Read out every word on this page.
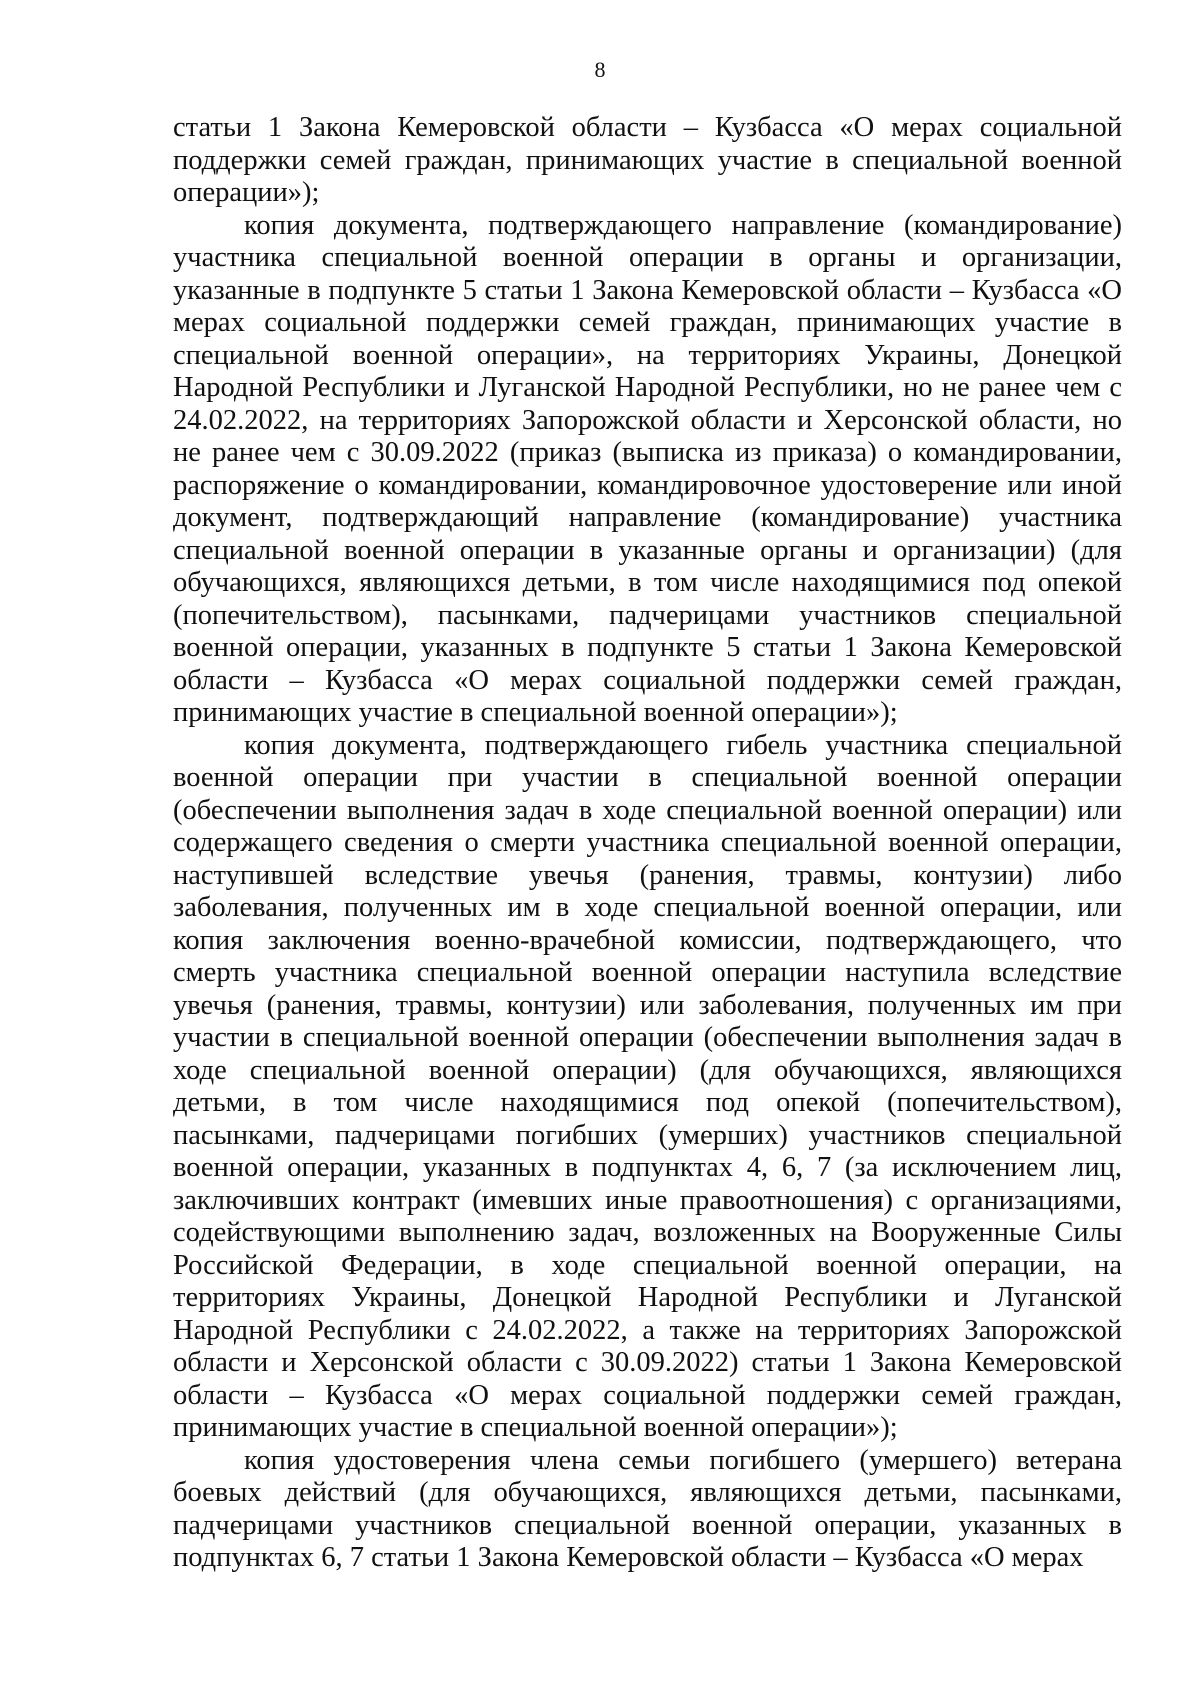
8

статьи 1 Закона Кемеровской области – Кузбасса «О мерах социальной поддержки семей граждан, принимающих участие в специальной военной операции»);

копия документа, подтверждающего направление (командирование) участника специальной военной операции в органы и организации, указанные в подпункте 5 статьи 1 Закона Кемеровской области – Кузбасса «О мерах социальной поддержки семей граждан, принимающих участие в специальной военной операции», на территориях Украины, Донецкой Народной Республики и Луганской Народной Республики, но не ранее чем с 24.02.2022, на территориях Запорожской области и Херсонской области, но не ранее чем с 30.09.2022 (приказ (выписка из приказа) о командировании, распоряжение о командировании, командировочное удостоверение или иной документ, подтверждающий направление (командирование) участника специальной военной операции в указанные органы и организации) (для обучающихся, являющихся детьми, в том числе находящимися под опекой (попечительством), пасынками, падчерицами участников специальной военной операции, указанных в подпункте 5 статьи 1 Закона Кемеровской области – Кузбасса «О мерах социальной поддержки семей граждан, принимающих участие в специальной военной операции»);

копия документа, подтверждающего гибель участника специальной военной операции при участии в специальной военной операции (обеспечении выполнения задач в ходе специальной военной операции) или содержащего сведения о смерти участника специальной военной операции, наступившей вследствие увечья (ранения, травмы, контузии) либо заболевания, полученных им в ходе специальной военной операции, или копия заключения военно-врачебной комиссии, подтверждающего, что смерть участника специальной военной операции наступила вследствие увечья (ранения, травмы, контузии) или заболевания, полученных им при участии в специальной военной операции (обеспечении выполнения задач в ходе специальной военной операции) (для обучающихся, являющихся детьми, в том числе находящимися под опекой (попечительством), пасынками, падчерицами погибших (умерших) участников специальной военной операции, указанных в подпунктах 4, 6, 7 (за исключением лиц, заключивших контракт (имевших иные правоотношения) с организациями, содействующими выполнению задач, возложенных на Вооруженные Силы Российской Федерации, в ходе специальной военной операции, на территориях Украины, Донецкой Народной Республики и Луганской Народной Республики с 24.02.2022, а также на территориях Запорожской области и Херсонской области с 30.09.2022) статьи 1 Закона Кемеровской области – Кузбасса «О мерах социальной поддержки семей граждан, принимающих участие в специальной военной операции»);

копия удостоверения члена семьи погибшего (умершего) ветерана боевых действий (для обучающихся, являющихся детьми, пасынками, падчерицами участников специальной военной операции, указанных в подпунктах 6, 7 статьи 1 Закона Кемеровской области – Кузбасса «О мерах
